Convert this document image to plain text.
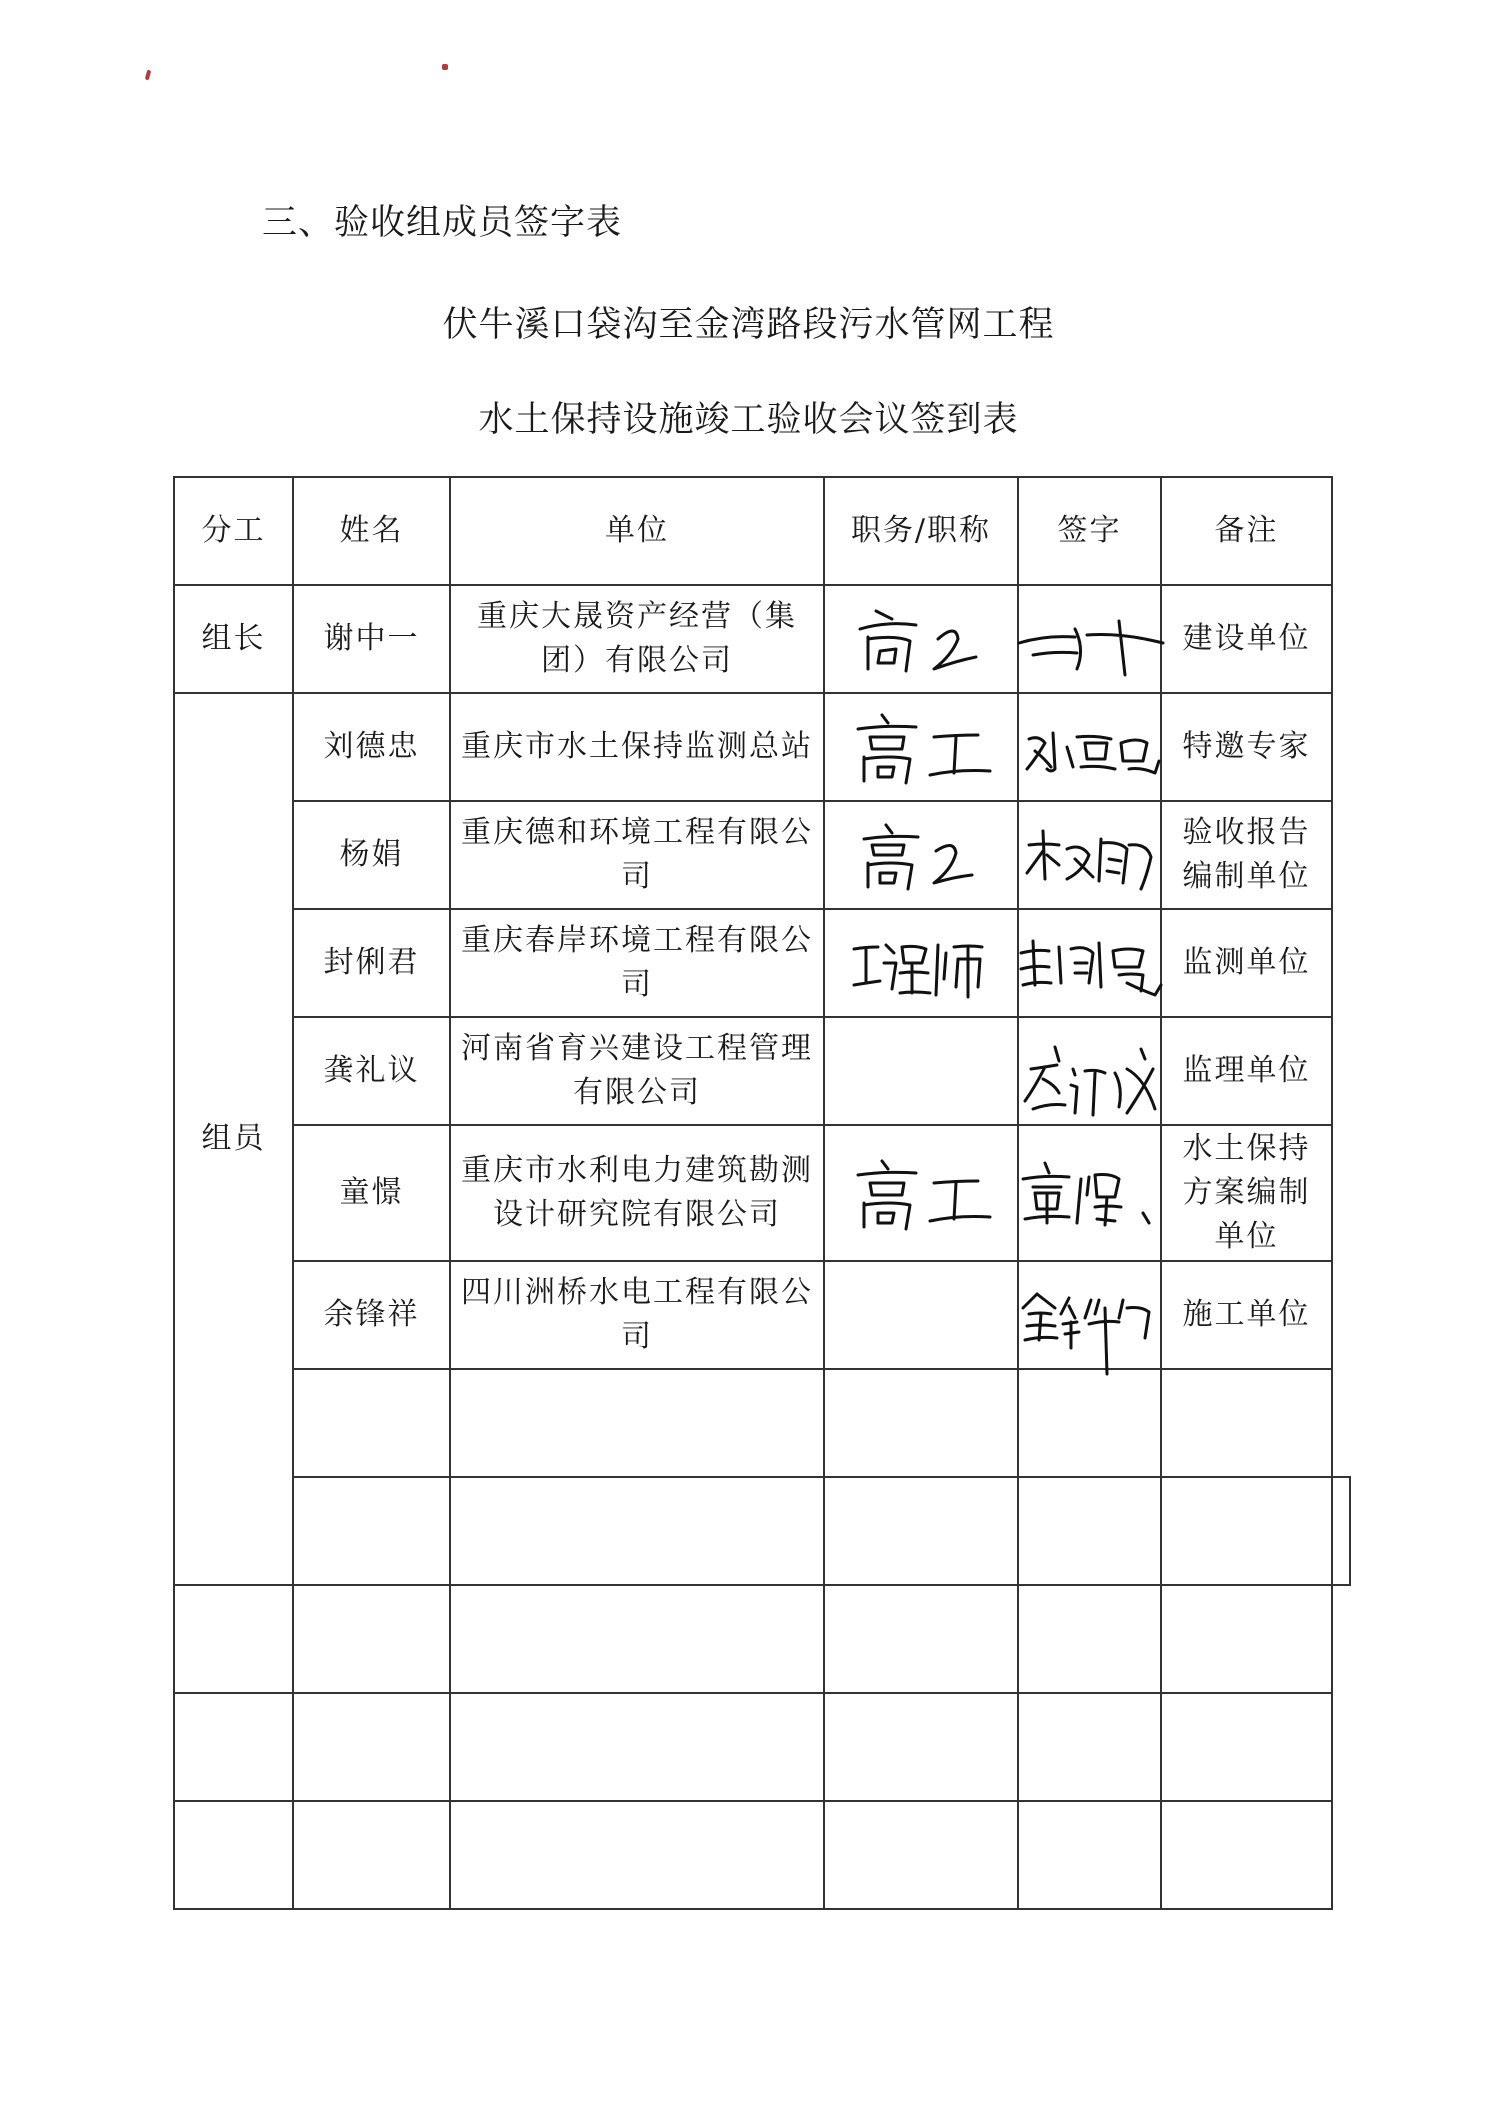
三、验收组成员签字表
伏牛溪口袋沟至金湾路段污水管网工程
水土保持设施竣工验收会议签到表
分工	姓名	单位	职务/职称	签字	备注	
组长	谢中一	重庆大晟资产经营（集团）有限公司			建设单位	
组员	刘德忠	重庆市水土保持监测总站			特邀专家	
	杨娟	重庆德和环境工程有限公司			验收报告编制单位	
	封俐君	重庆春岸环境工程有限公司			监测单位	
	龚礼议	河南省育兴建设工程管理有限公司			监理单位	
	童憬	重庆市水利电力建筑勘测设计研究院有限公司			水土保持方案编制单位	
	余锋祥	四川洲桥水电工程有限公司			施工单位	
